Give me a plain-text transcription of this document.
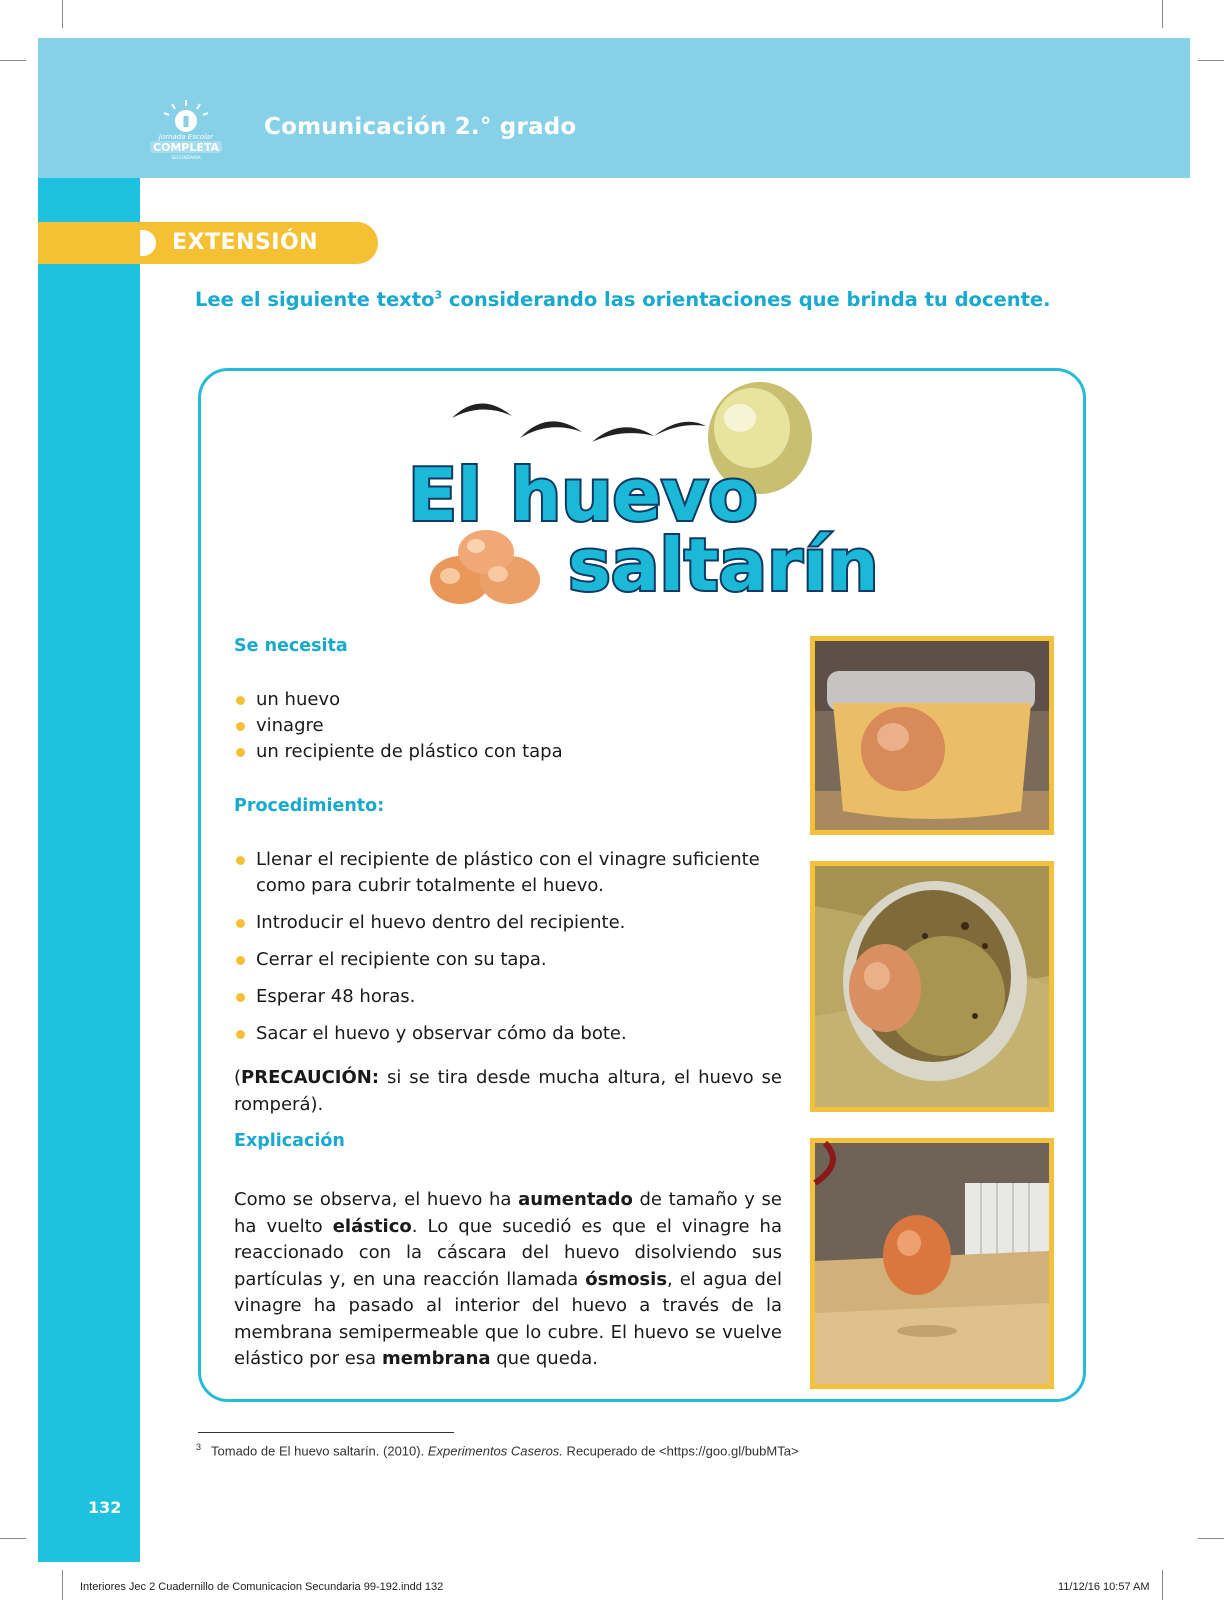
Jornada Escolar
COMPLETA
SECUNDARIA
Comunicación 2.° grado
132
EXTENSIÓN
Lee el siguiente texto$^3$ considerando las orientaciones que brinda tu docente.
El huevo
saltarín
Se necesita
un huevo
vinagre
un recipiente de plástico con tapa
Procedimiento:
Llenar el recipiente de plástico con el vinagre suficiente como para cubrir totalmente el huevo.
Introducir el huevo dentro del recipiente.
Cerrar el recipiente con su tapa.
Esperar 48 horas.
Sacar el huevo y observar cómo da bote.
(PRECAUCIÓN: si se tira desde mucha altura, el huevo se romperá).
Explicación
Como se observa, el huevo ha aumentado de tamaño y se ha vuelto elástico. Lo que sucedió es que el vinagre ha reaccionado con la cáscara del huevo disolviendo sus partículas y, en una reacción llamada ósmosis, el agua del vinagre ha pasado al interior del huevo a través de la membrana semipermeable que lo cubre. El huevo se vuelve elástico por esa membrana que queda.
$^3$ Tomado de El huevo saltarín. (2010). Experimentos Caseros. Recuperado de <https://goo.gl/bubMTa>
Interiores Jec 2 Cuadernillo de Comunicacion Secundaria 99-192.indd 132	11/12/16 10:57 AM
